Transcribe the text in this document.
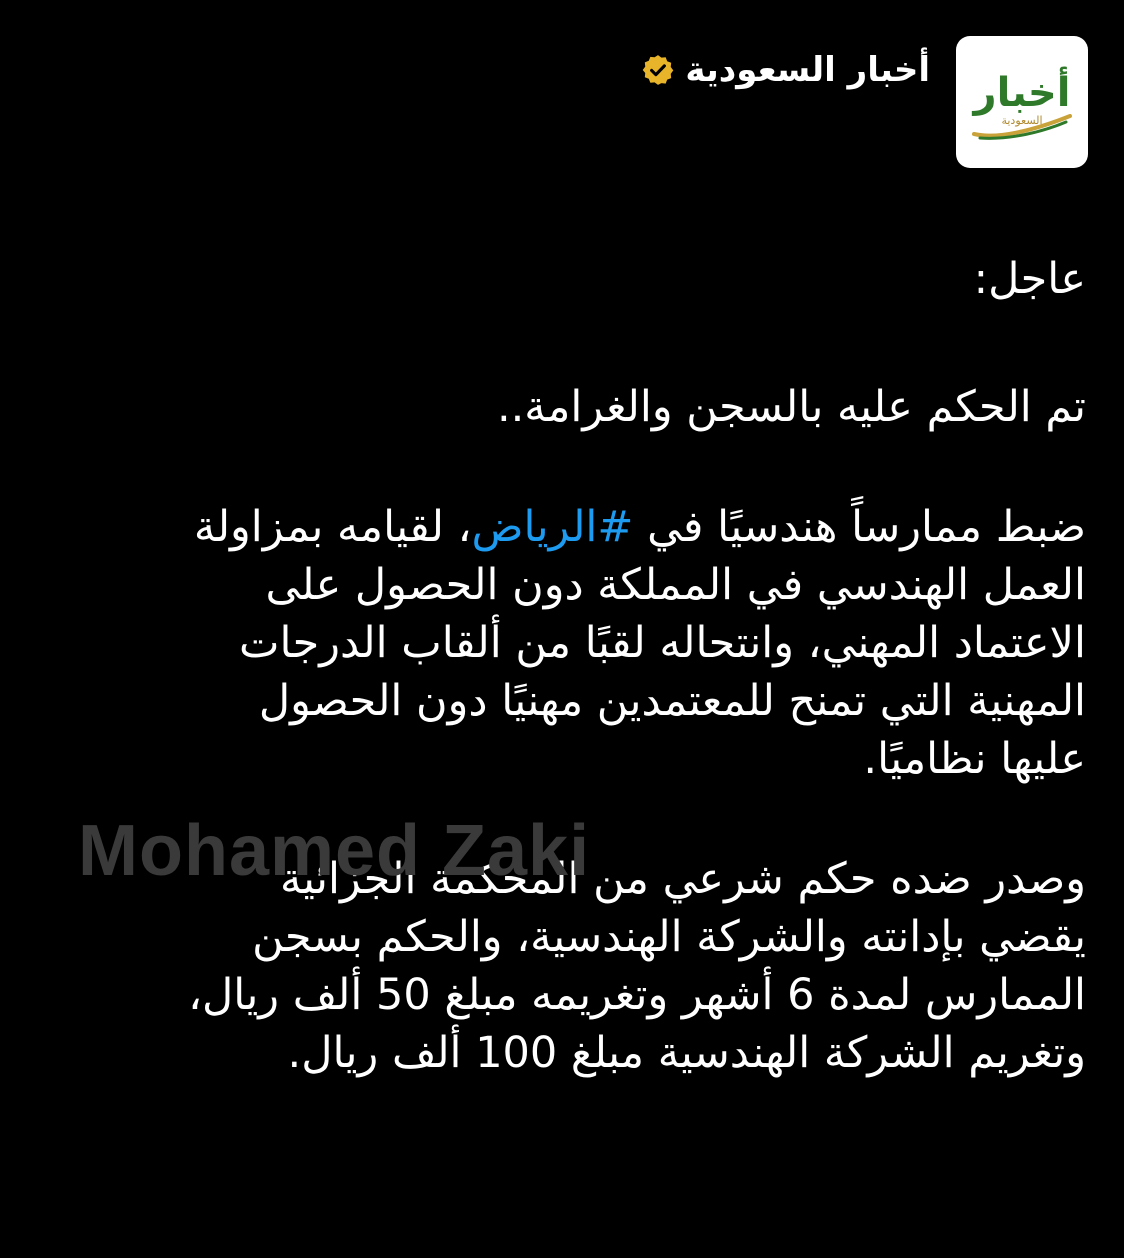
أخبار
السعودية
أخبار السعودية

عاجل:

تم الحكم عليه بالسجن والغرامة..

ضبط ممارساً هندسيًا في #الرياض، لقيامه بمزاولة
العمل الهندسي في المملكة دون الحصول على
الاعتماد المهني، وانتحاله لقبًا من ألقاب الدرجات
المهنية التي تمنح للمعتمدين مهنيًا دون الحصول
عليها نظاميًا.

وصدر ضده حكم شرعي من المحكمة الجزائية
يقضي بإدانته والشركة الهندسية، والحكم بسجن
الممارس لمدة 6 أشهر وتغريمه مبلغ 50 ألف ريال،
وتغريم الشركة الهندسية مبلغ 100 ألف ريال.

Mohamed Zaki
